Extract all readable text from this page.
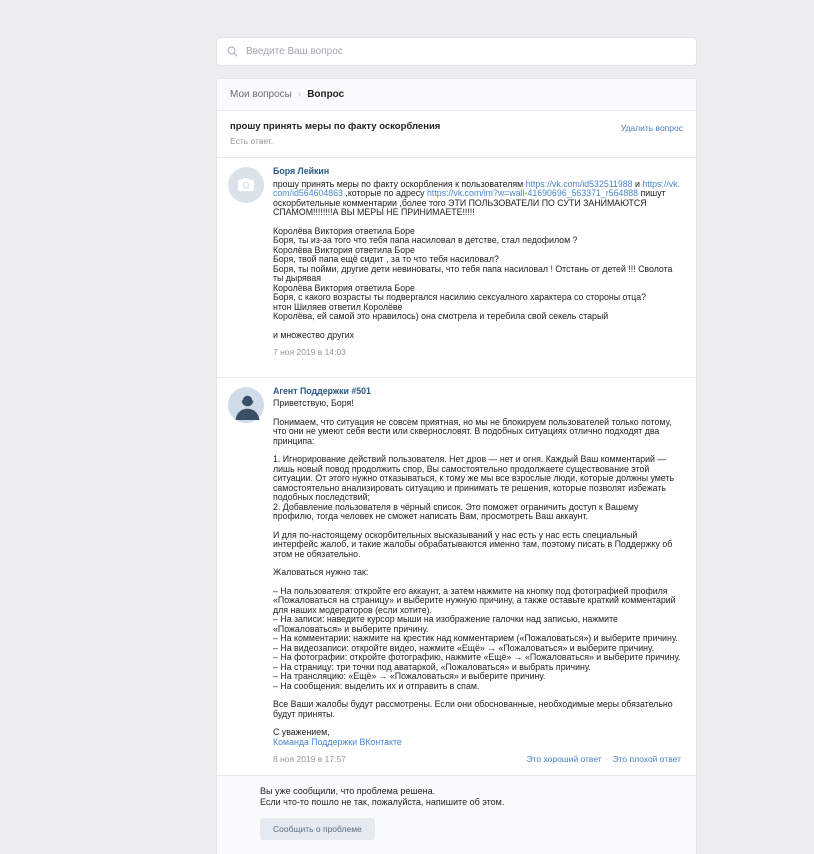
Введите Ваш вопрос
Мои вопросы › Вопрос
прошу принять меры по факту оскорбления
Есть ответ.
Удалить вопрос
Боря Лейкин
прошу принять меры по факту оскорбления к пользователям https://vk.com/id532511988 и https://vk.com/id564604863 ,которые по адресу https://vk.com/im?w=wall-41690696_563371_r564888 пишут оскорбительные комментарии ,более того ЭТИ ПОЛЬЗОВАТЕЛИ ПО СУТИ ЗАНИМАЮТСЯ СПАМОМ!!!!!!!!А ВЫ МЕРЫ НЕ ПРИНИМАЕТЕ!!!!!
Королёва Виктория ответила Боре
Боря, ты из-за того что тебя папа насиловал в детстве, стал педофилом ?
Королёва Виктория ответила Боре
Боря, твой папа ещё сидит , за то что тебя насиловал?
Боря, ты пойми, другие дети невиноваты, что тебя папа насиловал ! Отстань от детей !!! Сволота ты дырявая
Королёва Виктория ответила Боре
Боря, с какого возрасты ты подвергался насилию сексуалного характера со стороны отца?
нтон Шиляев ответил Королёве
Королёва, ей самой это нравилось) она смотрела и теребила свой секель старый
и множество других
7 ноя 2019 в 14:03
Агент Поддержки #501
Приветствую, Боря!
Понимаем, что ситуация не совсем приятная, но мы не блокируем пользователей только потому, что они не умеют себя вести или сквернословят. В подобных ситуациях отлично подходят два принципа:
1. Игнорирование действий пользователя. Нет дров — нет и огня. Каждый Ваш комментарий — лишь новый повод продолжить спор, Вы самостоятельно продолжаете существование этой ситуации. От этого нужно отказываться, к тому же мы все взрослые люди, которые должны уметь самостоятельно анализировать ситуацию и принимать те решения, которые позволят избежать подобных последствий;
2. Добавление пользователя в чёрный список. Это поможет ограничить доступ к Вашему профилю, тогда человек не сможет написать Вам, просмотреть Ваш аккаунт.
И для по-настоящему оскорбительных высказываний у нас есть у нас есть специальный интерфейс жалоб, и такие жалобы обрабатываются именно там, поэтому писать в Поддержку об этом не обязательно.
Жаловаться нужно так:
– На пользователя: откройте его аккаунт, а затем нажмите на кнопку под фотографией профиля «Пожаловаться на страницу» и выберите нужную причину, а также оставьте краткий комментарий для наших модераторов (если хотите).
– На записи: наведите курсор мыши на изображение галочки над записью, нажмите «Пожаловаться» и выберите причину.
– На комментарии: нажмите на крестик над комментарием («Пожаловаться») и выберите причину.
– На видеозаписи: откройте видео, нажмите «Ещё» → «Пожаловаться» и выберите причину.
– На фотографии: откройте фотографию, нажмите «Ещё» → «Пожаловаться» и выберите причину.
– На страницу: три точки под аватаркой, «Пожаловаться» и выбрать причину.
– На трансляцию: «Ещё» → «Пожаловаться» и выберите причину.
– На сообщения: выделить их и отправить в спам.
Все Ваши жалобы будут рассмотрены. Если они обоснованные, необходимые меры обязательно будут приняты.
С уважением,
Команда Поддержки ВКонтакте
8 ноя 2019 в 17:57	Это хороший ответ · Это плохой ответ
Вы уже сообщили, что проблема решена.
Если что-то пошло не так, пожалуйста, напишите об этом.
Сообщить о проблеме
